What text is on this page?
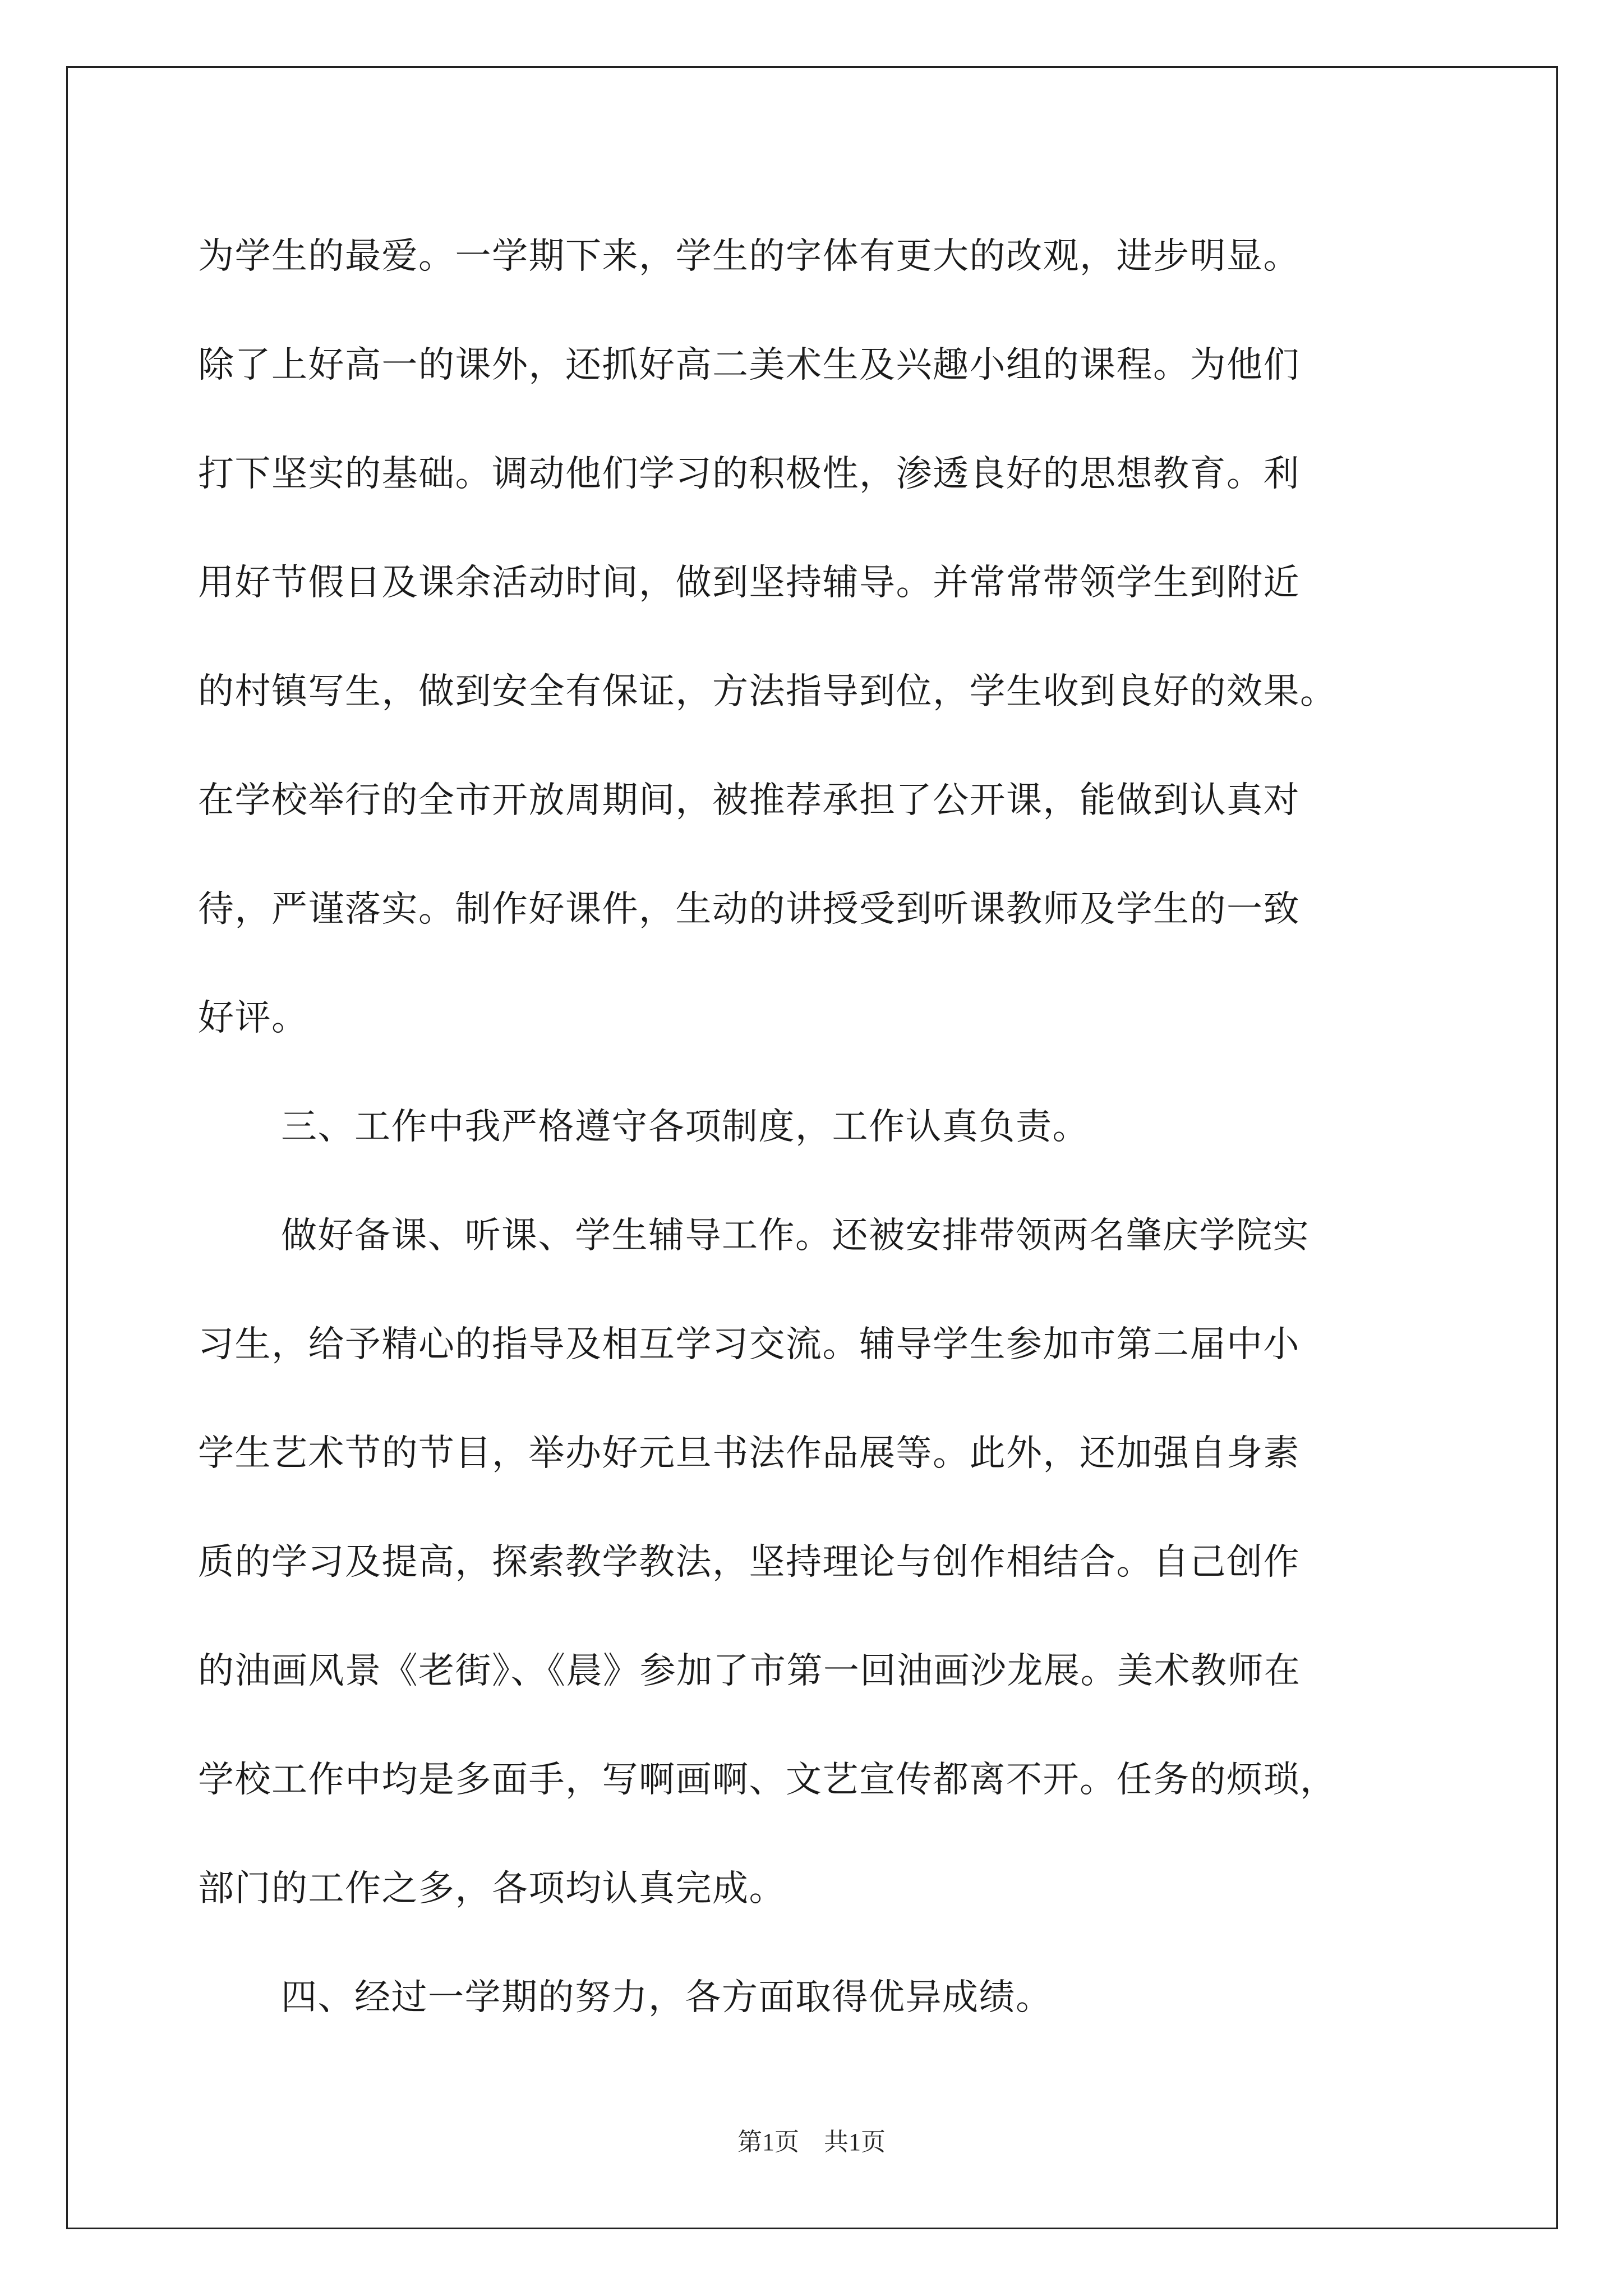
为学生的最爱。一学期下来，学生的字体有更大的改观，进步明显。
除了上好高一的课外，还抓好高二美术生及兴趣小组的课程。为他们
打下坚实的基础。调动他们学习的积极性，渗透良好的思想教育。利
用好节假日及课余活动时间，做到坚持辅导。并常常带领学生到附近
的村镇写生，做到安全有保证，方法指导到位，学生收到良好的效果。
在学校举行的全市开放周期间，被推荐承担了公开课，能做到认真对
待，严谨落实。制作好课件，生动的讲授受到听课教师及学生的一致
好评。
三、工作中我严格遵守各项制度，工作认真负责。
做好备课、听课、学生辅导工作。还被安排带领两名肇庆学院实
习生，给予精心的指导及相互学习交流。辅导学生参加市第二届中小
学生艺术节的节目，举办好元旦书法作品展等。此外，还加强自身素
质的学习及提高，探索教学教法，坚持理论与创作相结合。自己创作
的油画风景《老街》、《晨》参加了市第一回油画沙龙展。美术教师在
学校工作中均是多面手，写啊画啊、文艺宣传都离不开。任务的烦琐，
部门的工作之多，各项均认真完成。
四、经过一学期的努力，各方面取得优异成绩。
第1页　共1页
